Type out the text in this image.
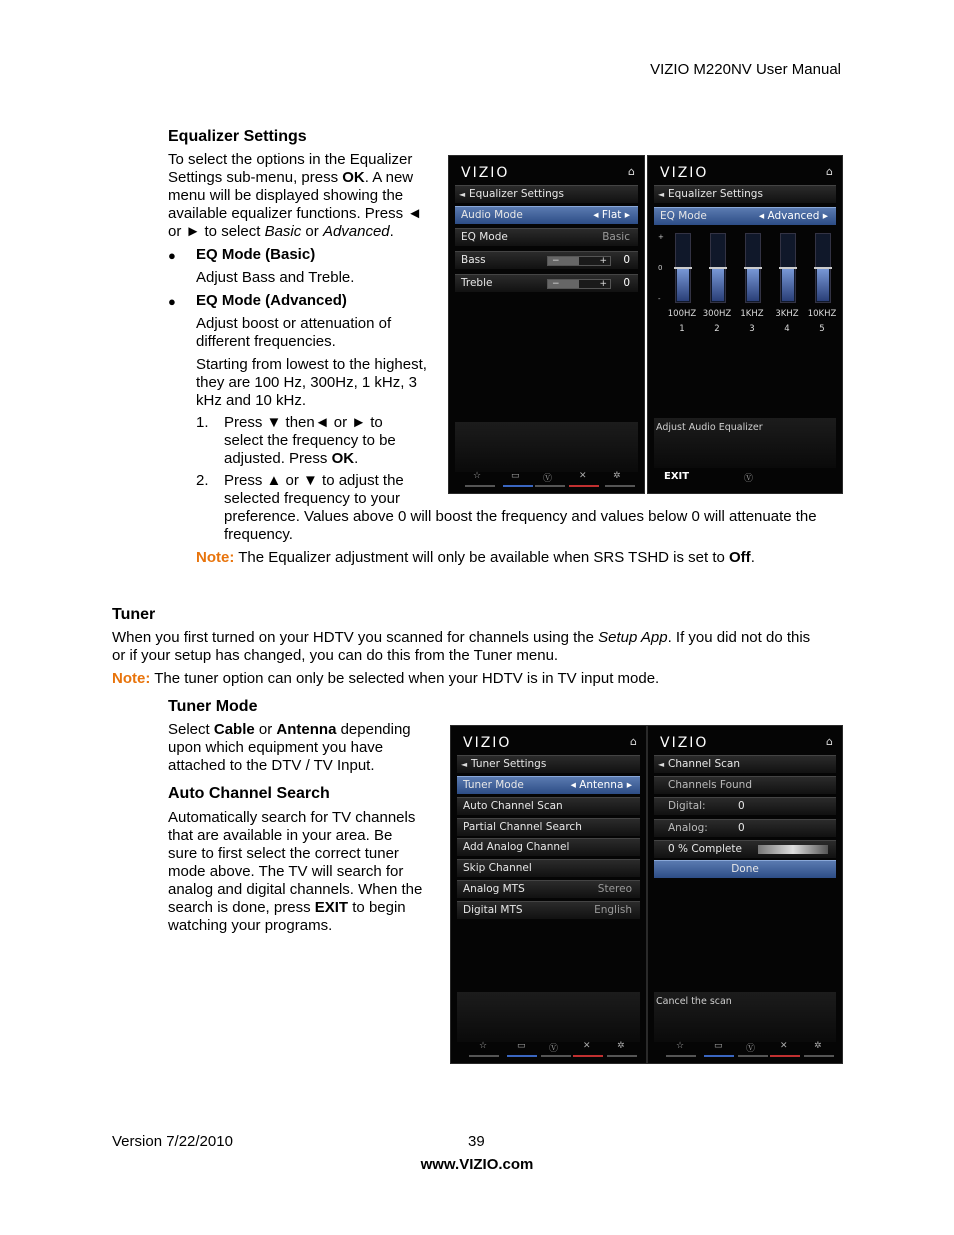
VIZIO M220NV User Manual
Equalizer Settings
To select the options in the Equalizer
Settings sub-menu, press OK. A new
menu will be displayed showing the
available equalizer functions. Press ◄
or ► to select Basic or Advanced.
● EQ Mode (Basic)
Adjust Bass and Treble.
● EQ Mode (Advanced)
Adjust boost or attenuation of
different frequencies.
Starting from lowest to the highest,
they are 100 Hz, 300Hz, 1 kHz, 3
kHz and 10 kHz.
1. Press ▼ then◄ or ► to
select the frequency to be
adjusted. Press OK.
2. Press ▲ or ▼ to adjust the
selected frequency to your
preference. Values above 0 will boost the frequency and values below 0 will attenuate the
frequency.
Note: The Equalizer adjustment will only be available when SRS TSHD is set to Off.
VIZIO	⌂
◄ Equalizer Settings
Audio Mode	◂ Flat ▸
EQ Mode	Basic
Bass	−	+ 0
Treble	−	+ 0
☆	▭	Ⓥ	✕	✲
VIZIO	⌂
◄ Equalizer Settings
EQ Mode	◂ Advanced ▸
+
0
-
100HZ
1
300HZ
2
1KHZ
3
3KHZ
4
10KHZ
5
Adjust Audio Equalizer
EXIT	Ⓥ
Tuner
When you first turned on your HDTV you scanned for channels using the Setup App. If you did not do this
or if your setup has changed, you can do this from the Tuner menu.
Note: The tuner option can only be selected when your HDTV is in TV input mode.
Tuner Mode
Select Cable or Antenna depending
upon which equipment you have
attached to the DTV / TV Input.
Auto Channel Search
Automatically search for TV channels
that are available in your area. Be
sure to first select the correct tuner
mode above. The TV will search for
analog and digital channels. When the
search is done, press EXIT to begin
watching your programs.
VIZIO	⌂
◄ Tuner Settings
Tuner Mode	◂ Antenna ▸
Auto Channel Scan
Partial Channel Search
Add Analog Channel
Skip Channel
Analog MTS	Stereo
Digital MTS	English
☆	▭	Ⓥ	✕	✲
VIZIO	⌂
◄ Channel Scan
Channels Found
Digital:	0
Analog:	0
0 % Complete
Done
Cancel the scan
☆	▭	Ⓥ	✕	✲
Version 7/22/2010	39
www.VIZIO.com
